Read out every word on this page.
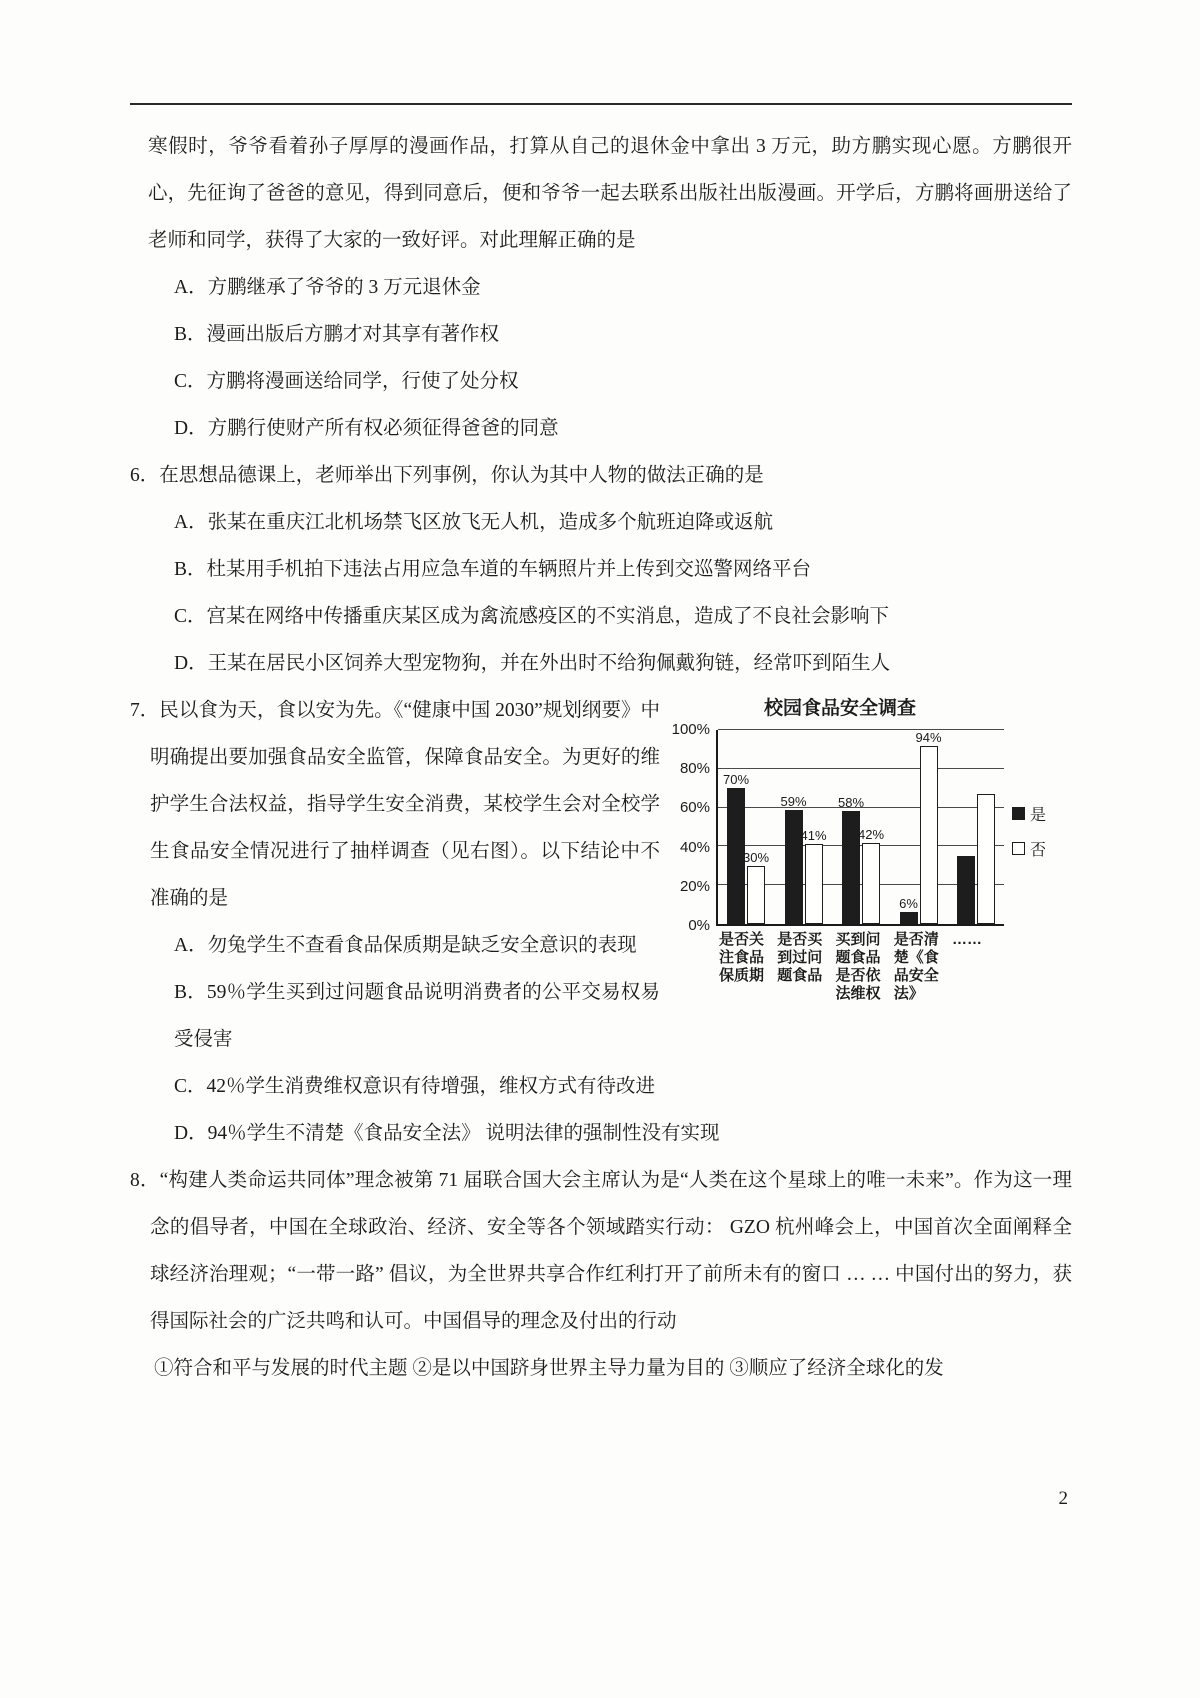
寒假时，爷爷看着孙子厚厚的漫画作品，打算从自己的退休金中拿出 3 万元，助方鹏实现心愿。方鹏很开心，先征询了爸爸的意见，得到同意后，便和爷爷一起去联系出版社出版漫画。开学后，方鹏将画册送给了老师和同学，获得了大家的一致好评。对此理解正确的是

A．方鹏继承了爷爷的 3 万元退休金

B．漫画出版后方鹏才对其享有著作权

C．方鹏将漫画送给同学，行使了处分权

D．方鹏行使财产所有权必须征得爸爸的同意

6．在思想品德课上，老师举出下列事例，你认为其中人物的做法正确的是

A．张某在重庆江北机场禁飞区放飞无人机，造成多个航班迫降或返航

B．杜某用手机拍下违法占用应急车道的车辆照片并上传到交巡警网络平台

C．宫某在网络中传播重庆某区成为禽流感疫区的不实消息，造成了不良社会影响下

D．王某在居民小区饲养大型宠物狗，并在外出时不给狗佩戴狗链，经常吓到陌生人

7．民以食为天，食以安为先。《“健康中国 2030”规划纲要》中明确提出要加强食品安全监管，保障食品安全。为更好的维护学生合法权益，指导学生安全消费，某校学生会对全校学生食品安全情况进行了抽样调查（见右图）。以下结论中不准确的是

A．勿兔学生不查看食品保质期是缺乏安全意识的表现

B．59％学生买到过问题食品说明消费者的公平交易权易受侵害

校园食品安全调查
0%
20%
40%
60%
80%
100%
70%
30%
59%
41%
58%
42%
6%
94%
是否关注食品保质期
是否买到过问题食品
买到问题食品是否依法维权
是否清楚《食品安全法》
……
是
否

C．42％学生消费维权意识有待增强，维权方式有待改进

D．94％学生不清楚《食品安全法》 说明法律的强制性没有实现

8．“构建人类命运共同体”理念被第 71 届联合国大会主席认为是“人类在这个星球上的唯一未来”。作为这一理念的倡导者，中国在全球政治、经济、安全等各个领域踏实行动： GZO 杭州峰会上，中国首次全面阐释全球经济治理观；“一带一路” 倡议，为全世界共享合作红利打开了前所未有的窗口 … … 中国付出的努力，获得国际社会的广泛共鸣和认可。中国倡导的理念及付出的行动

①符合和平与发展的时代主题 ②是以中国跻身世界主导力量为目的 ③顺应了经济全球化的发

2
